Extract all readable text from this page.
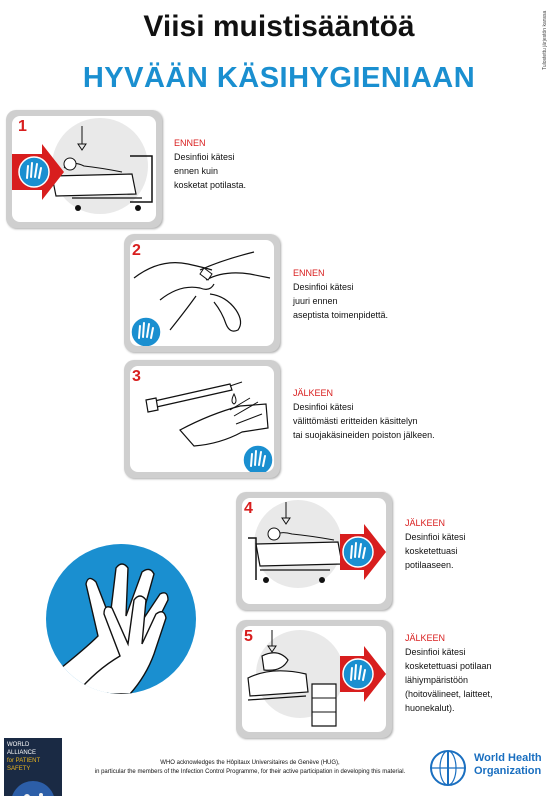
Viisi muistisääntöä
HYVÄÄN KÄSIHYGIENIAAN
Tulostettu järjestön kanssa
1
ENNEN
Desinfioi kätesi
ennen kuin
kosketat potilasta.
2
ENNEN
Desinfioi kätesi
juuri ennen
aseptista toimenpidettä.
3
JÄLKEEN
Desinfioi kätesi
välittömästi eritteiden käsittelyn
tai suojakäsineiden poiston jälkeen.
4
JÄLKEEN
Desinfioi kätesi
kosketettuasi
potilaaseen.
5	JÄLKEEN
Desinfioi kätesi
kosketettuasi potilaan
lähiympäristöön
(hoitovälineet, laitteet,
huonekalut).
WORLD ALLIANCE
for PATIENT SAFETY
WHO acknowledges the Hôpitaux Universitaires de Genève (HUG),
in particular the members of the Infection Control Programme, for their active participation in developing this material.
World Health
Organization
